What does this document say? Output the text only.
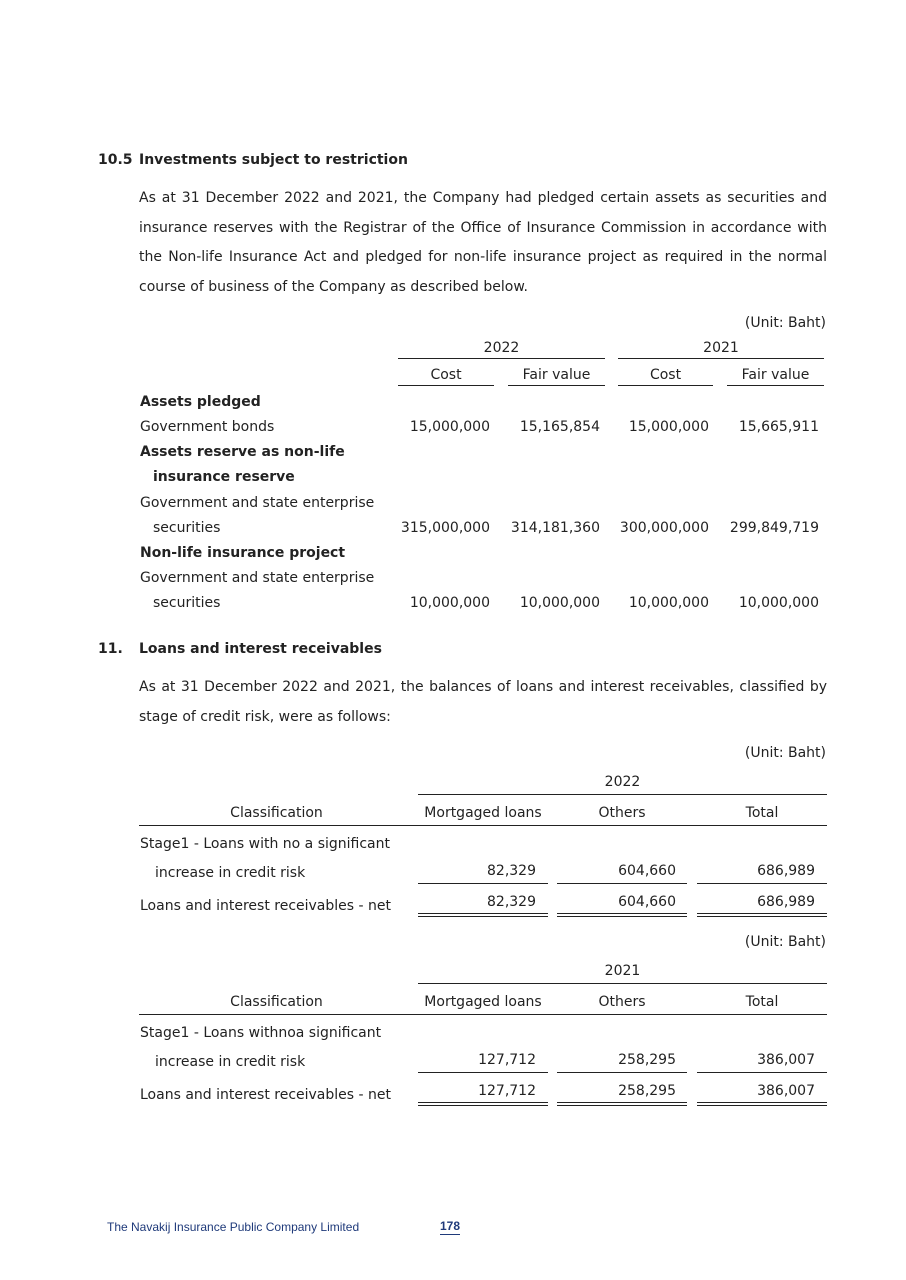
10.5 Investments subject to restriction
As at 31 December 2022 and 2021, the Company had pledged certain assets as securities and insurance reserves with the Registrar of the Office of Insurance Commission in accordance with the Non-life Insurance Act and pledged for non-life insurance project as required in the normal course of business of the Company as described below.
(Unit: Baht)
2022	2021
Cost	Fair value	Cost	Fair value
Assets pledged
Government bonds	15,000,000 15,165,854 15,000,000 15,665,911
Assets reserve as non-life
insurance reserve
Government and state enterprise
securities	315,000,000 314,181,360 300,000,000 299,849,719
Non-life insurance project
Government and state enterprise
securities	10,000,000 10,000,000 10,000,000 10,000,000
11. Loans and interest receivables
As at 31 December 2022 and 2021, the balances of loans and interest receivables, classified by stage of credit risk, were as follows:
(Unit: Baht)
2022
Classification	Mortgaged loans	Others	Total
Stage1 - Loans with no a significant
increase in credit risk	82,329	604,660	686,989
Loans and interest receivables - net	82,329	604,660	686,989
(Unit: Baht)
2021
Classification	Mortgaged loans	Others	Total
Stage1 - Loans withnoa significant
increase in credit risk	127,712	258,295	386,007
Loans and interest receivables - net	127,712	258,295	386,007
The Navakij Insurance Public Company Limited	178
